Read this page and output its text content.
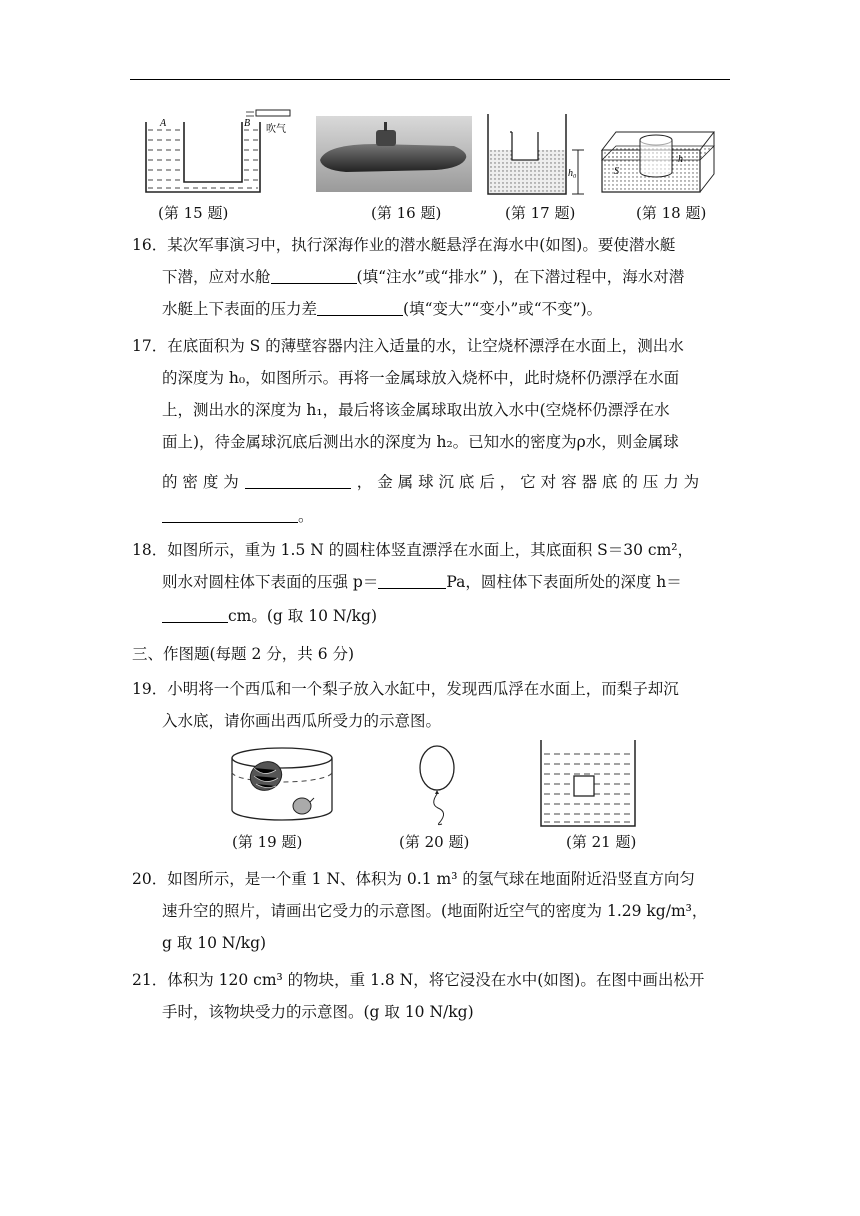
A	B
吹气
(第 15 题)	(第 16 题)
h₀
(第 17 题)
S
h
(第 18 题)
16．某次军事演习中，执行深海作业的潜水艇悬浮在海水中(如图)。要使潜水艇
下潜，应对水舱	(填“注水”或“排水” )，在下潜过程中，海水对潜
水艇上下表面的压力差	(填“变大”“变小”或“不变”)。
17．在底面积为 S 的薄壁容器内注入适量的水，让空烧杯漂浮在水面上，测出水
的深度为 h₀，如图所示。再将一金属球放入烧杯中，此时烧杯仍漂浮在水面
上，测出水的深度为 h₁，最后将该金属球取出放入水中(空烧杯仍漂浮在水
面上)，待金属球沉底后测出水的深度为 h₂。已知水的密度为ρ水，则金属球
的 密 度 为	， 金 属 球 沉 底 后 ， 它 对 容 器 底 的 压 力 为
。
18．如图所示，重为 1.5 N 的圆柱体竖直漂浮在水面上，其底面积 S＝30 cm²，
则水对圆柱体下表面的压强 p＝	Pa，圆柱体下表面所处的深度 h＝
cm。(g 取 10 N/kg)
三、作图题(每题 2 分，共 6 分)
19．小明将一个西瓜和一个梨子放入水缸中，发现西瓜浮在水面上，而梨子却沉
入水底，请你画出西瓜所受力的示意图。
(第 19 题)	(第 20 题)	(第 21 题)
20．如图所示，是一个重 1 N、体积为 0.1 m³ 的氢气球在地面附近沿竖直方向匀
速升空的照片，请画出它受力的示意图。(地面附近空气的密度为 1.29 kg/m³，
g 取 10 N/kg)
21．体积为 120 cm³ 的物块，重 1.8 N，将它浸没在水中(如图)。在图中画出松开
手时，该物块受力的示意图。(g 取 10 N/kg)
